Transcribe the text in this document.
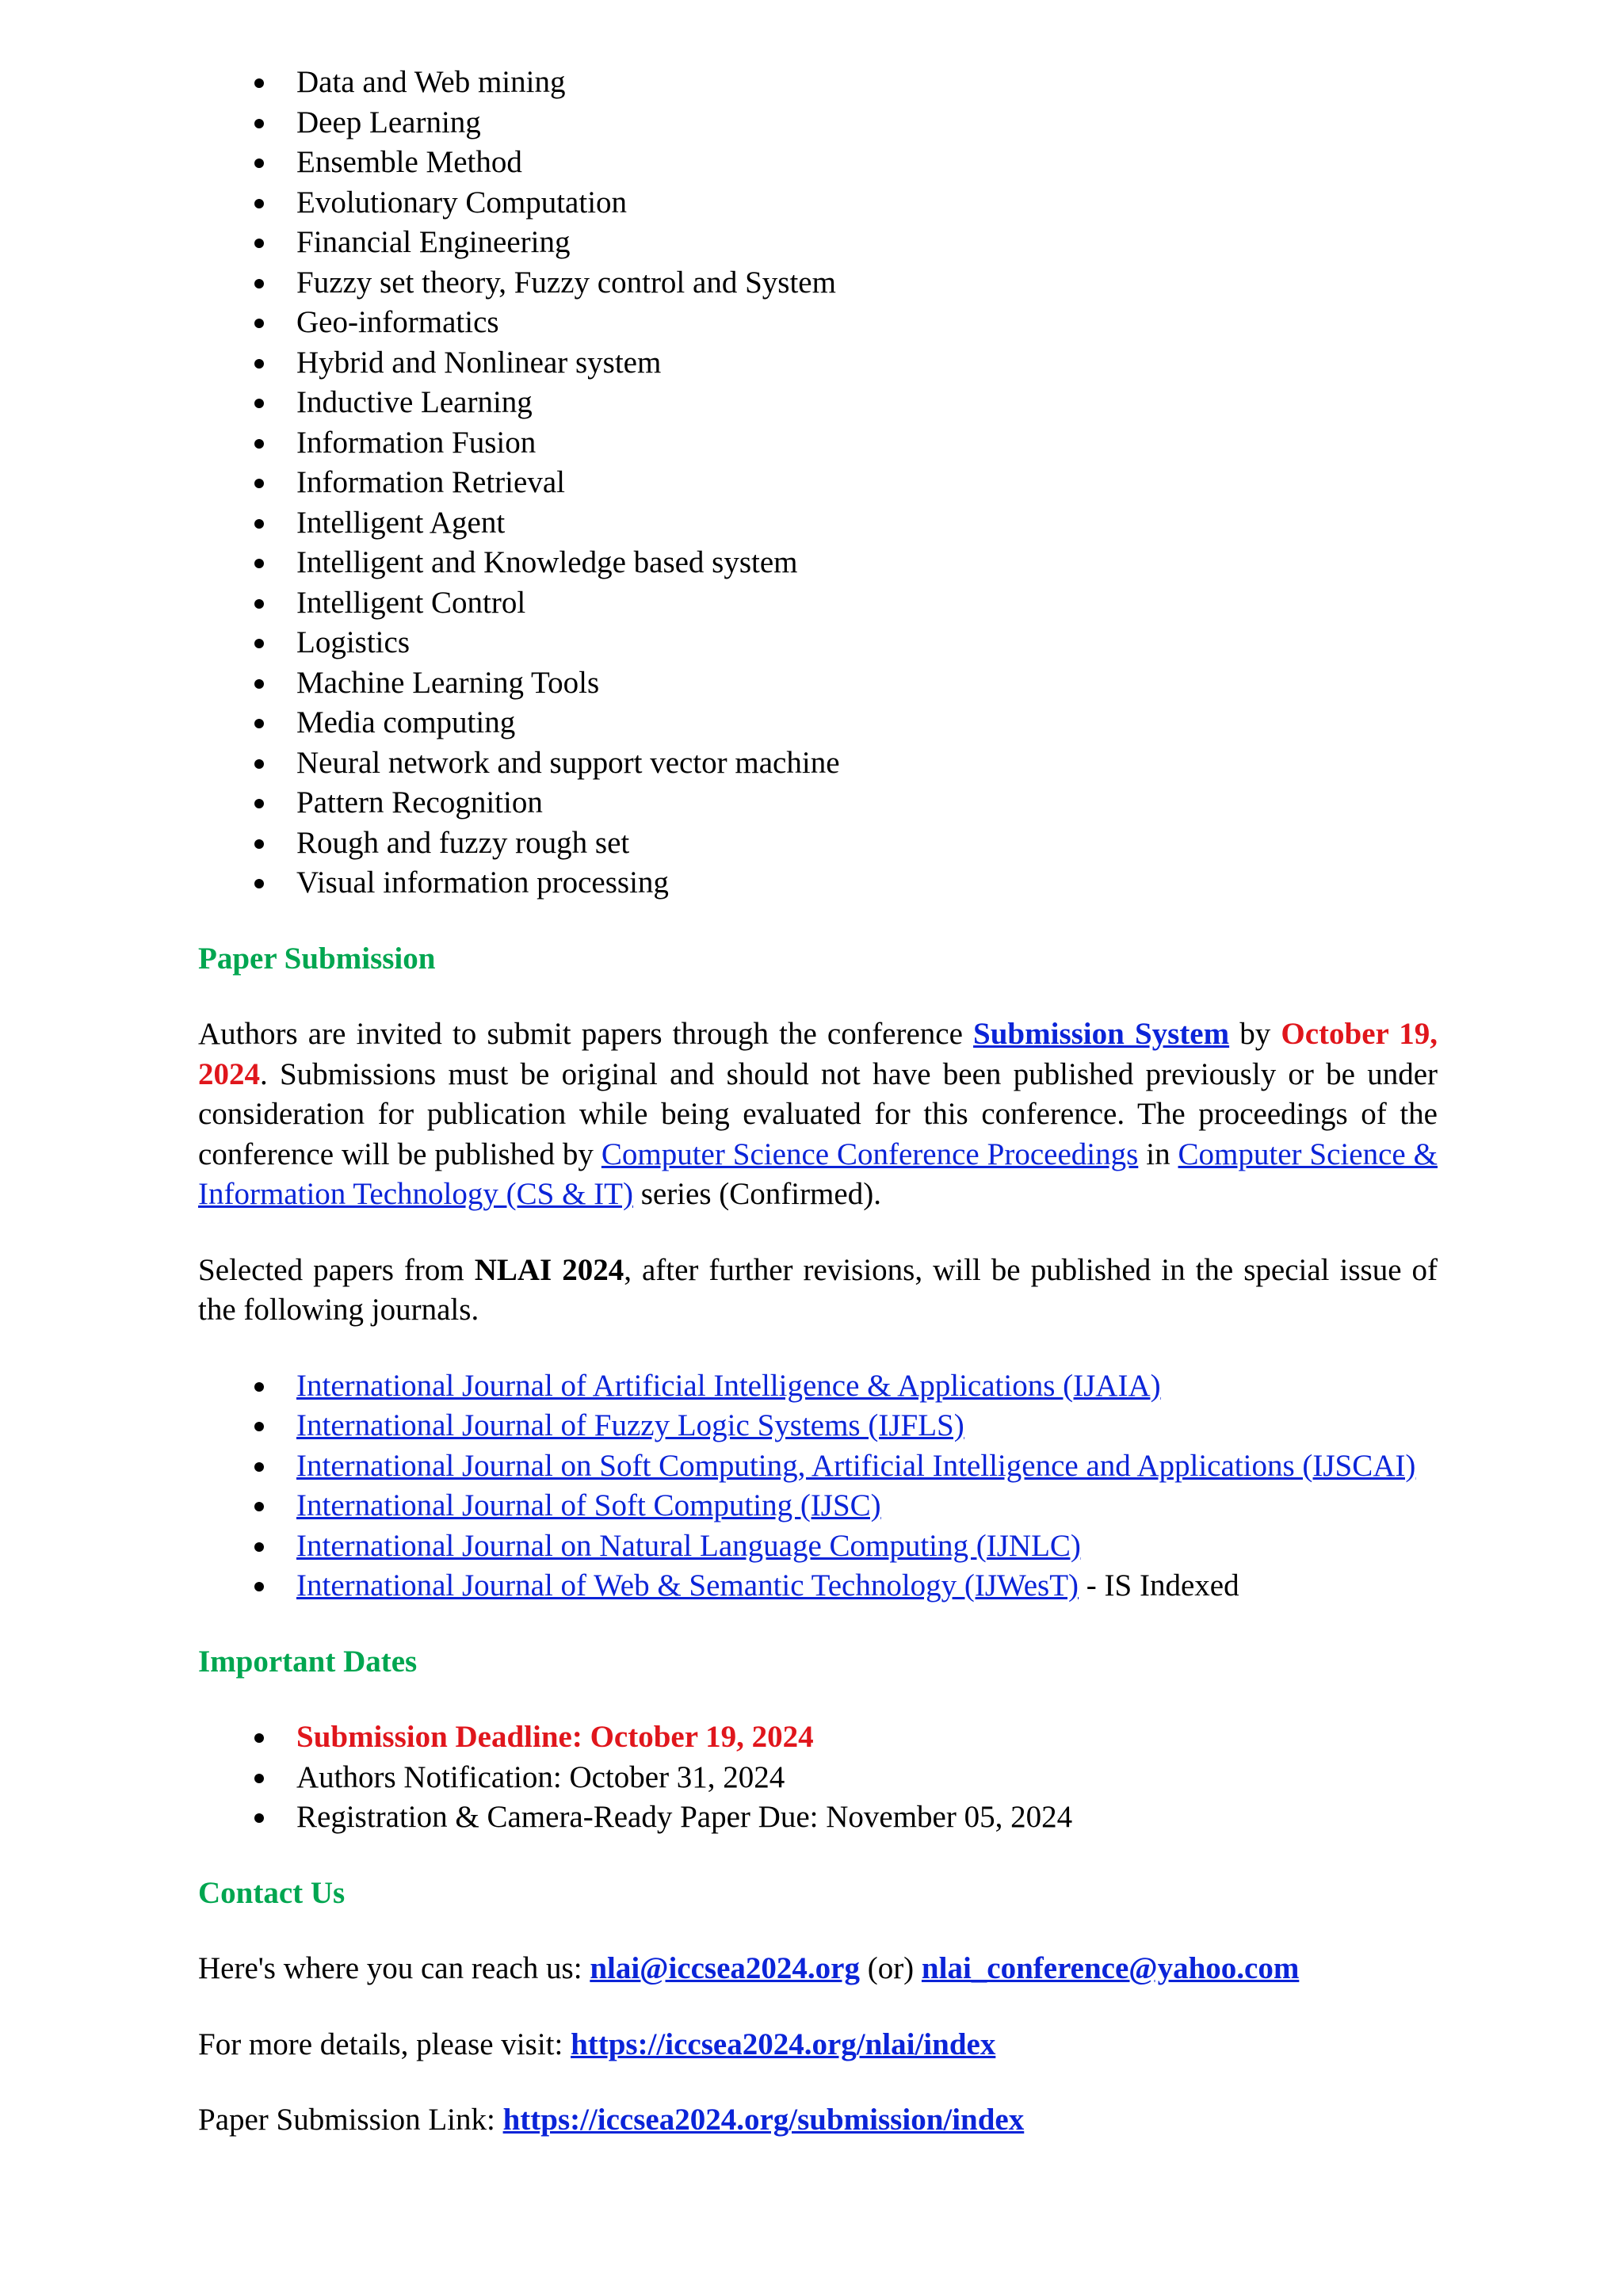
Data and Web mining
Deep Learning
Ensemble Method
Evolutionary Computation
Financial Engineering
Fuzzy set theory, Fuzzy control and System
Geo-informatics
Hybrid and Nonlinear system
Inductive Learning
Information Fusion
Information Retrieval
Intelligent Agent
Intelligent and Knowledge based system
Intelligent Control
Logistics
Machine Learning Tools
Media computing
Neural network and support vector machine
Pattern Recognition
Rough and fuzzy rough set
Visual information processing
Paper Submission

Authors are invited to submit papers through the conference Submission System by October 19, 2024. Submissions must be original and should not have been published previously or be under consideration for publication while being evaluated for this conference. The proceedings of the conference will be published by Computer Science Conference Proceedings in Computer Science & Information Technology (CS & IT) series (Confirmed).

Selected papers from NLAI 2024, after further revisions, will be published in the special issue of the following journals.

International Journal of Artificial Intelligence & Applications (IJAIA)
International Journal of Fuzzy Logic Systems (IJFLS)
International Journal on Soft Computing, Artificial Intelligence and Applications (IJSCAI)
International Journal of Soft Computing (IJSC)
International Journal on Natural Language Computing (IJNLC)
International Journal of Web & Semantic Technology (IJWesT) - IS Indexed
Important Dates
Submission Deadline: October 19, 2024
Authors Notification: October 31, 2024
Registration & Camera-Ready Paper Due: November 05, 2024
Contact Us

Here's where you can reach us: nlai@iccsea2024.org (or) nlai_conference@yahoo.com

For more details, please visit: https://iccsea2024.org/nlai/index

Paper Submission Link: https://iccsea2024.org/submission/index
